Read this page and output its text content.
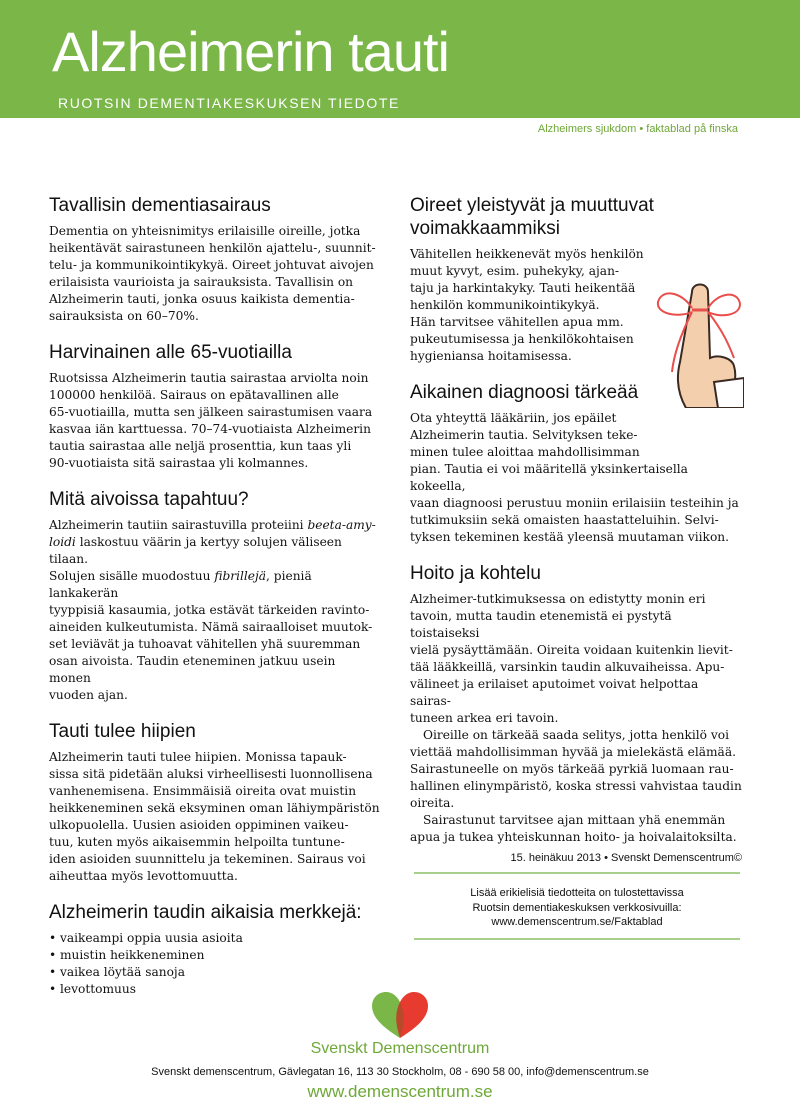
Alzheimerin tauti
RUOTSIN DEMENTIAKESKUKSEN TIEDOTE
Alzheimers sjukdom • faktablad på finska
Tavallisin dementiasairaus

Dementia on yhteisnimitys erilaisille oireille, jotka
heikentävät sairastuneen henkilön ajattelu-, suunnit-
telu- ja kommunikointikykyä. Oireet johtuvat aivojen
erilaisista vaurioista ja sairauksista. Tavallisin on
Alzheimerin tauti, jonka osuus kaikista dementia-
sairauksista on 60–70%.

Harvinainen alle 65-vuotiailla

Ruotsissa Alzheimerin tautia sairastaa arviolta noin
100000 henkilöä. Sairaus on epätavallinen alle
65-vuotiailla, mutta sen jälkeen sairastumisen vaara
kasvaa iän karttuessa. 70–74-vuotiaista Alzheimerin
tautia sairastaa alle neljä prosenttia, kun taas yli
90-vuotiaista sitä sairastaa yli kolmannes.

Mitä aivoissa tapahtuu?

Alzheimerin tautiin sairastuvilla proteiini beeta-amy-
loidi laskostuu väärin ja kertyy solujen väliseen tilaan.
Solujen sisälle muodostuu fibrillejä, pieniä lankakerän
tyyppisiä kasaumia, jotka estävät tärkeiden ravinto-
aineiden kulkeutumista. Nämä sairaalloiset muutok-
set leviävät ja tuhoavat vähitellen yhä suuremman
osan aivoista. Taudin eteneminen jatkuu usein monen
vuoden ajan.

Tauti tulee hiipien

Alzheimerin tauti tulee hiipien. Monissa tapauk-
sissa sitä pidetään aluksi virheellisesti luonnollisena
vanhenemisena. Ensimmäisiä oireita ovat muistin
heikkeneminen sekä eksyminen oman lähiympäristön
ulkopuolella. Uusien asioiden oppiminen vaikeu-
tuu, kuten myös aikaisemmin helpoilta tuntune-
iden asioiden suunnittelu ja tekeminen. Sairaus voi
aiheuttaa myös levottomuutta.

Alzheimerin taudin aikaisia merkkejä:
• vaikeampi oppia uusia asioita
• muistin heikkeneminen
• vaikea löytää sanoja
• levottomuus
Oireet yleistyvät ja muuttuvat
voimakkaammiksi

Vähitellen heikkenevät myös henkilön
muut kyvyt, esim. puhekyky, ajan-
taju ja harkintakyky. Tauti heikentää
henkilön kommunikointikykyä.
Hän tarvitsee vähitellen apua mm.
pukeutumisessa ja henkilökohtaisen
hygieniansa hoitamisessa.

Aikainen diagnoosi tärkeää

Ota yhteyttä lääkäriin, jos epäilet
Alzheimerin tautia. Selvityksen teke-
minen tulee aloittaa mahdollisimman
pian. Tautia ei voi määritellä yksinkertaisella kokeella,
vaan diagnoosi perustuu moniin erilaisiin testeihin ja
tutkimuksiin sekä omaisten haastatteluihin. Selvi-
tyksen tekeminen kestää yleensä muutaman viikon.

Hoito ja kohtelu

Alzheimer-tutkimuksessa on edistytty monin eri
tavoin, mutta taudin etenemistä ei pystytä toistaiseksi
vielä pysäyttämään. Oireita voidaan kuitenkin lievit-
tää lääkkeillä, varsinkin taudin alkuvaiheissa. Apu-
välineet ja erilaiset aputoimet voivat helpottaa sairas-
tuneen arkea eri tavoin.

Oireille on tärkeää saada selitys, jotta henkilö voi
viettää mahdollisimman hyvää ja mielekästä elämää.
Sairastuneelle on myös tärkeää pyrkiä luomaan rau-
hallinen elinympäristö, koska stressi vahvistaa taudin
oireita.

Sairastunut tarvitsee ajan mittaan yhä enemmän
apua ja tukea yhteiskunnan hoito- ja hoivalaitoksilta.

15. heinäkuu 2013 • Svenskt Demenscentrum©
Lisää erikielisiä tiedotteita on tulostettavissa
Ruotsin dementiakeskuksen verkkosivuilla:
www.demenscentrum.se/Faktablad
Svenskt Demenscentrum
Svenskt demenscentrum, Gävlegatan 16, 113 30 Stockholm, 08 - 690 58 00, info@demenscentrum.se
www.demenscentrum.se
